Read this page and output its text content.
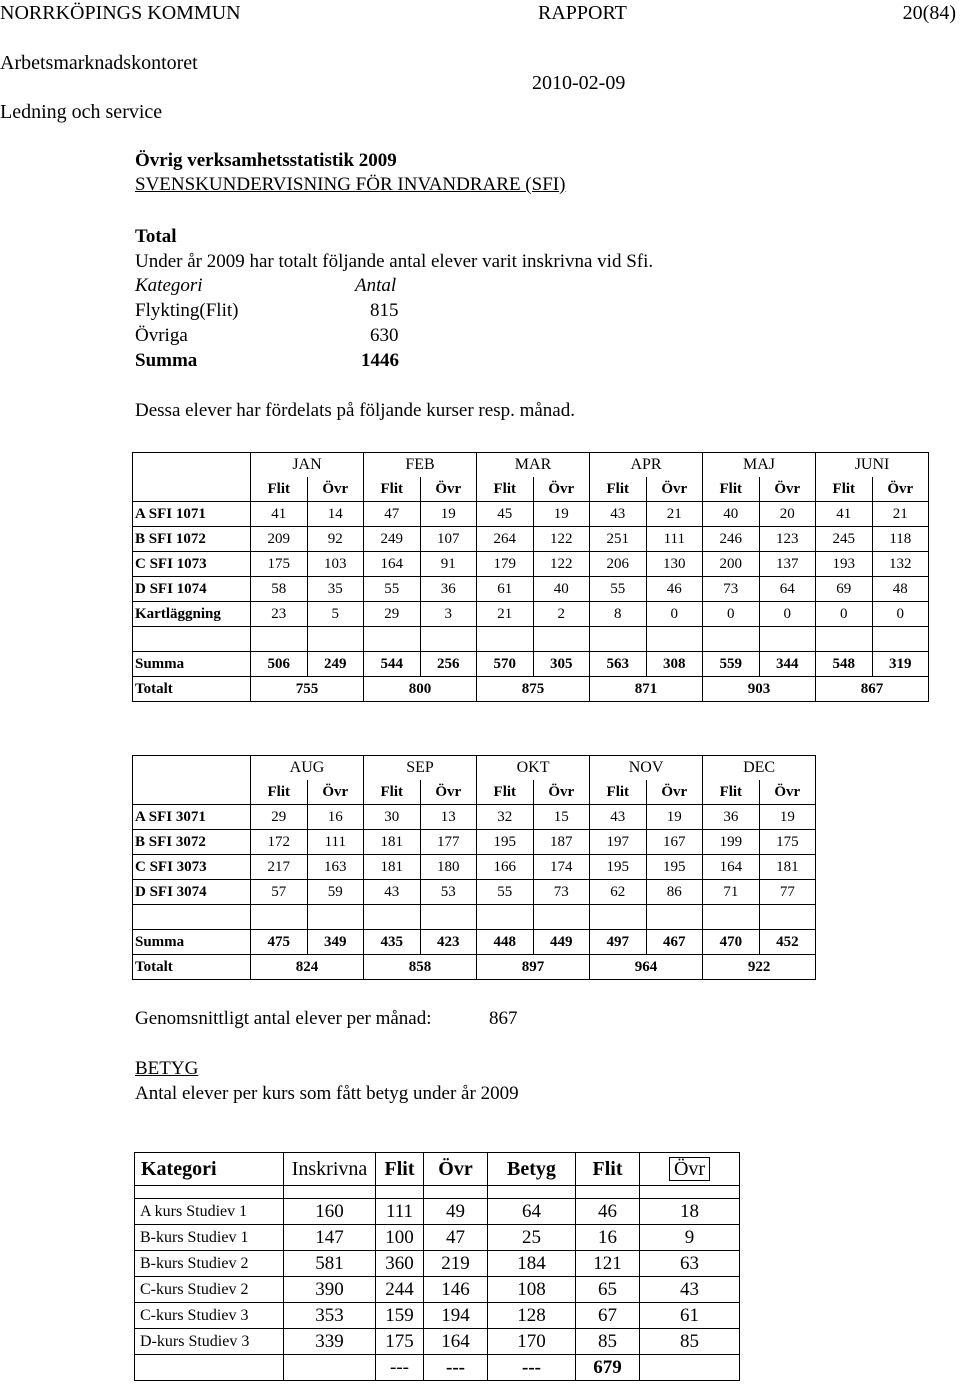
NORRKÖPINGS KOMMUN	RAPPORT	20(84)
Arbetsmarknadskontoret
2010-02-09
Ledning och service
Övrig verksamhetsstatistik 2009
SVENSKUNDERVISNING FÖR INVANDRARE (SFI)
Total
Under år 2009 har totalt följande antal elever varit inskrivna vid Sfi.
Kategori	Antal
Flykting(Flit)	815
Övriga	630
Summa	1446
Dessa elever har fördelats på följande kurser resp. månad.
	JAN		FEB		MAR		APR		MAJ		JUNI	
	Flit	Övr	Flit	Övr	Flit	Övr	Flit	Övr	Flit	Övr	Flit	Övr
A SFI 1071	41	14	47	19	45	19	43	21	40	20	41	21
B SFI 1072	209	92	249	107	264	122	251	111	246	123	245	118
C SFI 1073	175	103	164	91	179	122	206	130	200	137	193	132
D SFI 1074	58	35	55	36	61	40	55	46	73	64	69	48
Kartläggning	23	5	29	3	21	2	8	0	0	0	0	0

Summa	506	249	544	256	570	305	563	308	559	344	548	319
Totalt	755		800		875		871		903		867	
	AUG		SEP		OKT		NOV		DEC	
	Flit	Övr	Flit	Övr	Flit	Övr	Flit	Övr	Flit	Övr
A SFI 3071	29	16	30	13	32	15	43	19	36	19
B SFI 3072	172	111	181	177	195	187	197	167	199	175
C SFI 3073	217	163	181	180	166	174	195	195	164	181
D SFI 3074	57	59	43	53	55	73	62	86	71	77

Summa	475	349	435	423	448	449	497	467	470	452
Totalt	824		858		897		964		922	
Genomsnittligt antal elever per månad:	867
BETYG
Antal elever per kurs som fått betyg under år 2009
Kategori	Inskrivna	Flit	Övr	Betyg	Flit	Övr

A kurs Studiev 1	160	111	49	64	46	18
B-kurs Studiev 1	147	100	47	25	16	9
B-kurs Studiev 2	581	360	219	184	121	63
C-kurs Studiev 2	390	244	146	108	65	43
C-kurs Studiev 3	353	159	194	128	67	61
D-kurs Studiev 3	339	175	164	170	85	85
		---	---	---	679	
